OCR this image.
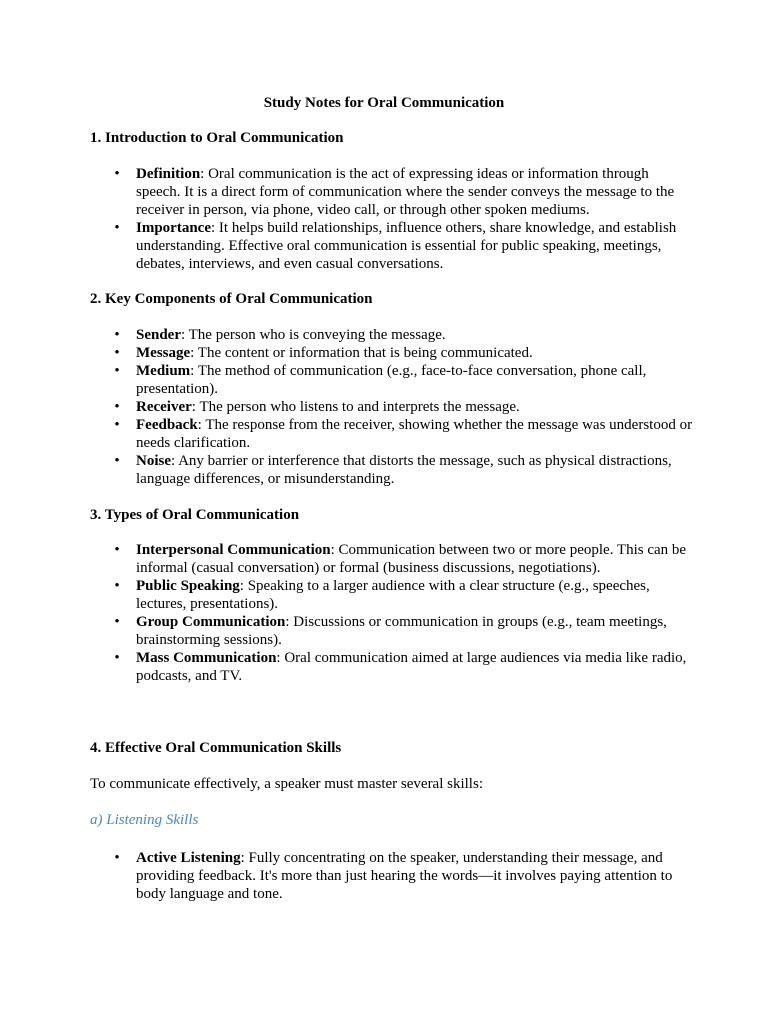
Study Notes for Oral Communication
1. Introduction to Oral Communication
• Definition: Oral communication is the act of expressing ideas or information through speech. It is a direct form of communication where the sender conveys the message to the receiver in person, via phone, video call, or through other spoken mediums.
• Importance: It helps build relationships, influence others, share knowledge, and establish understanding. Effective oral communication is essential for public speaking, meetings, debates, interviews, and even casual conversations.
2. Key Components of Oral Communication
• Sender: The person who is conveying the message.
• Message: The content or information that is being communicated.
• Medium: The method of communication (e.g., face-to-face conversation, phone call, presentation).
• Receiver: The person who listens to and interprets the message.
• Feedback: The response from the receiver, showing whether the message was understood or needs clarification.
• Noise: Any barrier or interference that distorts the message, such as physical distractions, language differences, or misunderstanding.
3. Types of Oral Communication
• Interpersonal Communication: Communication between two or more people. This can be informal (casual conversation) or formal (business discussions, negotiations).
• Public Speaking: Speaking to a larger audience with a clear structure (e.g., speeches, lectures, presentations).
• Group Communication: Discussions or communication in groups (e.g., team meetings, brainstorming sessions).
• Mass Communication: Oral communication aimed at large audiences via media like radio, podcasts, and TV.
4. Effective Oral Communication Skills

To communicate effectively, a speaker must master several skills:

a) Listening Skills

• Active Listening: Fully concentrating on the speaker, understanding their message, and providing feedback. It's more than just hearing the words—it involves paying attention to body language and tone.
